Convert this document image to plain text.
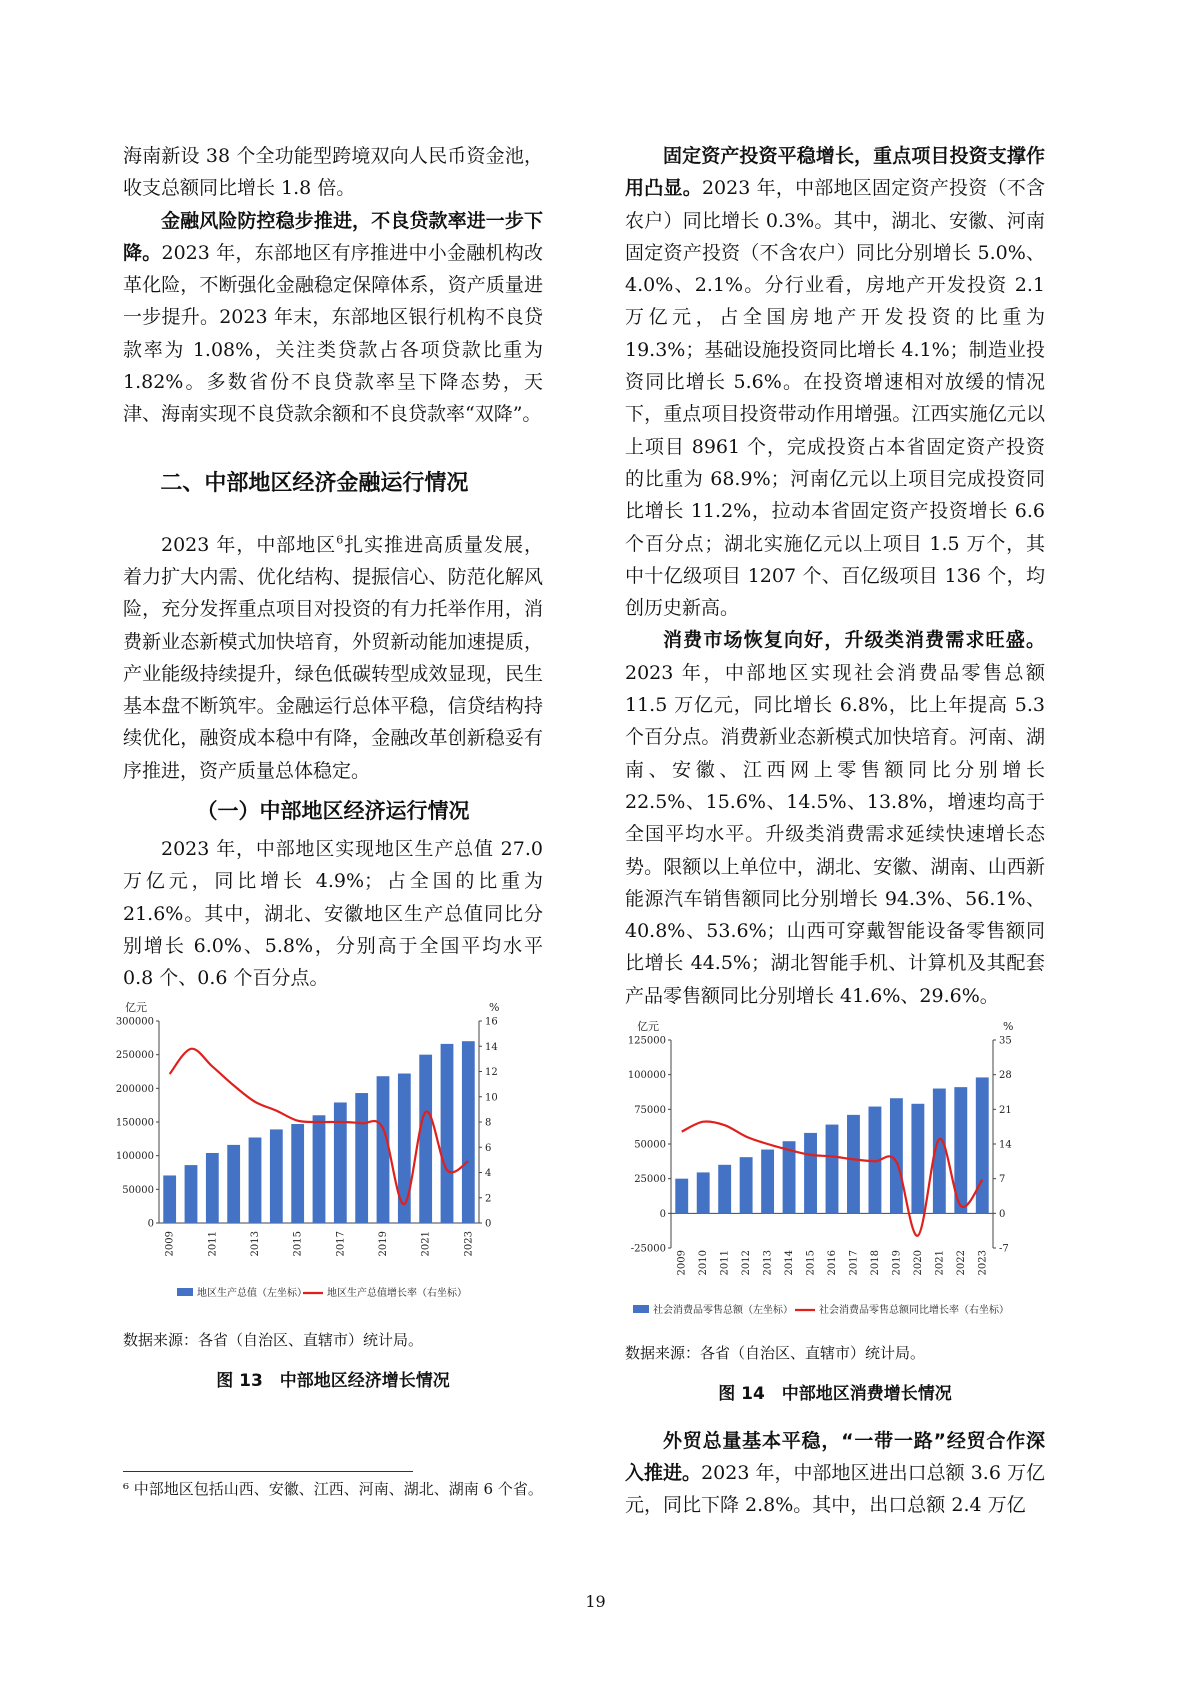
海南新设 38 个全功能型跨境双向人民币资金池，收支总额同比增长 1.8 倍。

金融风险防控稳步推进，不良贷款率进一步下降。2023 年，东部地区有序推进中小金融机构改革化险，不断强化金融稳定保障体系，资产质量进一步提升。2023 年末，东部地区银行机构不良贷款率为 1.08%，关注类贷款占各项贷款比重为 1.82%。多数省份不良贷款率呈下降态势，天津、海南实现不良贷款余额和不良贷款率“双降”。

二、中部地区经济金融运行情况

2023 年，中部地区$^6$扎实推进高质量发展，着力扩大内需、优化结构、提振信心、防范化解风险，充分发挥重点项目对投资的有力托举作用，消费新业态新模式加快培育，外贸新动能加速提质，产业能级持续提升，绿色低碳转型成效显现，民生基本盘不断筑牢。金融运行总体平稳，信贷结构持续优化，融资成本稳中有降，金融改革创新稳妥有序推进，资产质量总体稳定。

（一）中部地区经济运行情况

2023 年，中部地区实现地区生产总值 27.0 万亿元，同比增长 4.9%；占全国的比重为 21.6%。其中，湖北、安徽地区生产总值同比分别增长 6.0%、5.8%，分别高于全国平均水平 0.8 个、0.6 个百分点。

亿元	%
0
50000
100000
150000
200000
250000
300000
0
2
4
6
8
10
12
14
16
2009	2011	2013	2015	2017	2019	2021	2023
地区生产总值（左坐标） 地区生产总值增长率（右坐标）

数据来源：各省（自治区、直辖市）统计局。

图 13　中部地区经济增长情况

固定资产投资平稳增长，重点项目投资支撑作用凸显。2023 年，中部地区固定资产投资（不含农户）同比增长 0.3%。其中，湖北、安徽、河南固定资产投资（不含农户）同比分别增长 5.0%、4.0%、2.1%。分行业看，房地产开发投资 2.1 万亿元，占全国房地产开发投资的比重为 19.3%；基础设施投资同比增长 4.1%；制造业投资同比增长 5.6%。在投资增速相对放缓的情况下，重点项目投资带动作用增强。江西实施亿元以上项目 8961 个，完成投资占本省固定资产投资的比重为 68.9%；河南亿元以上项目完成投资同比增长 11.2%，拉动本省固定资产投资增长 6.6 个百分点；湖北实施亿元以上项目 1.5 万个，其中十亿级项目 1207 个、百亿级项目 136 个，均创历史新高。

消费市场恢复向好，升级类消费需求旺盛。2023 年，中部地区实现社会消费品零售总额 11.5 万亿元，同比增长 6.8%，比上年提高 5.3 个百分点。消费新业态新模式加快培育。河南、湖南、安徽、江西网上零售额同比分别增长 22.5%、15.6%、14.5%、13.8%，增速均高于全国平均水平。升级类消费需求延续快速增长态势。限额以上单位中，湖北、安徽、湖南、山西新能源汽车销售额同比分别增长 94.3%、56.1%、40.8%、53.6%；山西可穿戴智能设备零售额同比增长 44.5%；湖北智能手机、计算机及其配套产品零售额同比分别增长 41.6%、29.6%。

亿元	%
-25000
0
25000
50000
75000
100000
125000
-7
0
7
14
21
28
35
2009 2010 2011 2012 2013 2014 2015 2016 2017 2018 2019 2020 2021 2022 2023
社会消费品零售总额（左坐标）	社会消费品零售总额同比增长率（右坐标）

数据来源：各省（自治区、直辖市）统计局。

图 14　中部地区消费增长情况

外贸总量基本平稳，“一带一路”经贸合作深入推进。2023 年，中部地区进出口总额 3.6 万亿元，同比下降 2.8%。其中，出口总额 2.4 万亿

⁶ 中部地区包括山西、安徽、江西、河南、湖北、湖南 6 个省。

19
